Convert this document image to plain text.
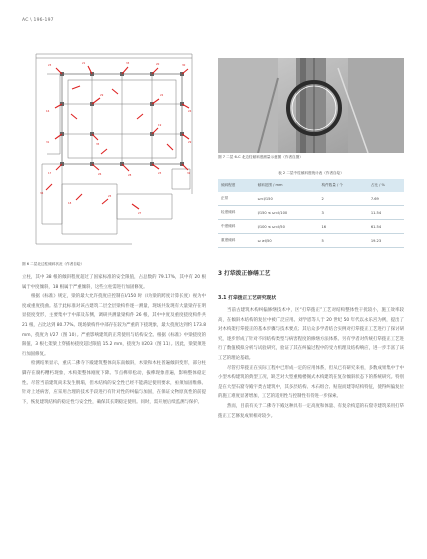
AC \ 196-197
23
21	33	20	30
16
29	22
24
31
35
19
29
17	26	28
23	32
18
25
27
34
图 6 二层北边柱倾斜状况（作者自绘）
图 7 二层 6-C 北边柱倾斜度测量示意图（作者自摄）
表 2 二层中柱倾斜度统计表（作者自绘）
倾斜程度	倾斜范围 / mm	构件数量 / 个	占比 / %
正常	ω<Ⅰ/150	2	7.69
轻度倾斜	Ⅰ/150 ≤ ω<Ⅰ/100	3	11.54
中度倾斜	Ⅰ/100 ≤ ω<Ⅰ/50	16	61.54
重度倾斜	ω ≥Ⅰ/50	5	19.23

立柱，其中 38 根的倾斜程度超过了国家标准的安全限值，占总数的 79.17%，其中有 20 根属于中度倾斜，18 根属于严重倾斜，这些立柱需进行加固修复。

根据《标准》规定，梁的最大允许挠度应控制在Ⅰ/150 时（Ⅰ为梁的跨度计算长度）视为中度或重度挠曲。基于此标准对该古建筑二层全层梁构件逐一测量，现场共发现有大量梁存在明显挠度变形，主要集中于中部及东侧，调研共测量梁构件 26 根，其中中度及重度挠度构件共 21 根，占比达到 80.77%。现场梁构件中部存在较为严重的下挠现象，最大挠度达到约 173.8 mm，挠度为 Ⅰ/27（图 10）。严重影响建筑的正常使用与结构安全。根据《标准》中梁挠度的限值，3 根七架梁上穿插枋挠度超过限值 15.2 mm，挠度为 Ⅰ/203（图 11）。因此，梁架须进行加固修复。

检测结果显示，重庆二佛寺下殿建筑整体向东南倾斜，木梁和木柱普遍倾斜变形，部分柱脚存在腐朽糟朽现象，木构架整体刚度下降。节点榫卯松动，拔榫现象普遍，影响整体稳定性。尽管当前建筑尚未发生倒塌，但木结构的安全性已经不能满足使用要求，亟须加固维修。针对上述病害，应采用合理的技术手段进行有针对性的纠偏与加固，在保证文物原真性的前提下，恢复建筑结构的稳定性与安全性，确保其长期稳定使用。同时，需开展后续监测与保护。

3 打牮拨正修缮工艺
3.1 打牮拨正工艺研究现状

当前古建筑木构纠偏修缮技术中，区“打牮拨正”工艺对结构整体性干扰较小，施工效率较高，在倾斜木结构的复位中被广泛应用。刘学恩等人于 20 世纪 50 年代以永乐宫为例，提出了对木构架打牮拨正的基本步骤与技术要点；其后众多学者结合实例对打牮拨正工艺进行了探讨研究，逐步形成了针对不同结构类型与病害程度的修缮方法体系。另有学者对传统打牮拨正工艺进行了数值模拟分析与试验研究，验证了其在纠偏过程中的受力机理及结构响应，进一步丰富了该工艺的理论基础。

尽管打牮拨正在实际工程中已形成一定的应用体系，但从已有研究来看，多数成果集中于中小型木构建筑的典型工况，缺乏对大型重檐楼阁式木构建筑在复杂倾斜状态下的系统研究。特别是在大型石窟寺殿宇类古建筑中，其多层结构、木石组合、贴崖而建等结构特征，使得纠偏复位的施工难度显著增加，工艺的适用性与控制性有待进一步探索。

然而，目前有关于二佛寺下殿这种具有一定高度和体量、有复杂构造的石窟寺建筑采用打牮拨正工艺修复成果相对较少。
